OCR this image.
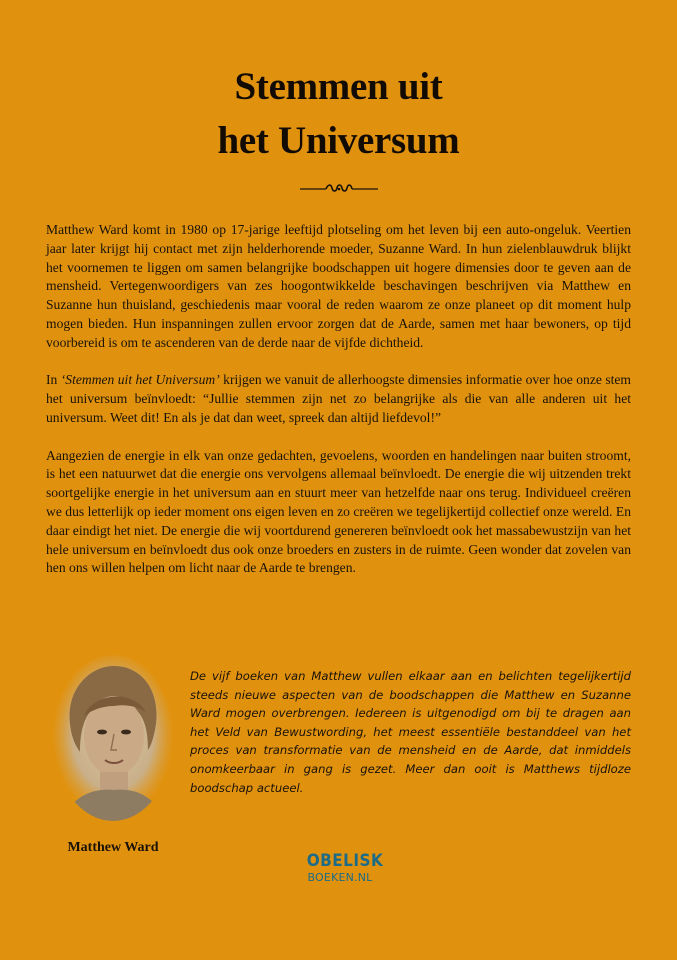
Stemmen uit
het Universum

Matthew Ward komt in 1980 op 17-jarige leeftijd plotseling om het leven bij een auto-ongeluk. Veertien jaar later krijgt hij contact met zijn helderhorende moeder, Suzanne Ward. In hun zielenblauwdruk blijkt het voornemen te liggen om samen belangrijke boodschappen uit hogere dimensies door te geven aan de mensheid. Vertegenwoordigers van zes hoogontwikkelde beschavingen beschrijven via Matthew en Suzanne hun thuisland, geschiedenis maar vooral de reden waarom ze onze planeet op dit moment hulp mogen bieden. Hun inspanningen zullen ervoor zorgen dat de Aarde, samen met haar bewoners, op tijd voorbereid is om te ascenderen van de derde naar de vijfde dichtheid.

In ‘Stemmen uit het Universum’ krijgen we vanuit de allerhoogste dimensies informatie over hoe onze stem het universum beïnvloedt: “Jullie stemmen zijn net zo belangrijke als die van alle anderen uit het universum. Weet dit! En als je dat dan weet, spreek dan altijd liefdevol!”

Aangezien de energie in elk van onze gedachten, gevoelens, woorden en handelingen naar buiten stroomt, is het een natuurwet dat die energie ons vervolgens allemaal beïnvloedt. De energie die wij uitzenden trekt soortgelijke energie in het universum aan en stuurt meer van hetzelfde naar ons terug. Individueel creëren we dus letterlijk op ieder moment ons eigen leven en zo creëren we tegelijkertijd collectief onze wereld. En daar eindigt het niet. De energie die wij voortdurend genereren beïnvloedt ook het massabewustzijn van het hele universum en beïnvloedt dus ook onze broeders en zusters in de ruimte. Geen wonder dat zovelen van hen ons willen helpen om licht naar de Aarde te brengen.

Matthew Ward
De vijf boeken van Matthew vullen elkaar aan en belichten tegelijkertijd steeds nieuwe aspecten van de boodschappen die Matthew en Suzanne Ward mogen overbrengen. Iedereen is uitgenodigd om bij te dragen aan het Veld van Bewustwording, het meest essentiële bestanddeel van het proces van transformatie van de mensheid en de Aarde, dat inmiddels onomkeerbaar in gang is gezet. Meer dan ooit is Matthews tijdloze boodschap actueel.
OBELISK
BOEKEN.NL
